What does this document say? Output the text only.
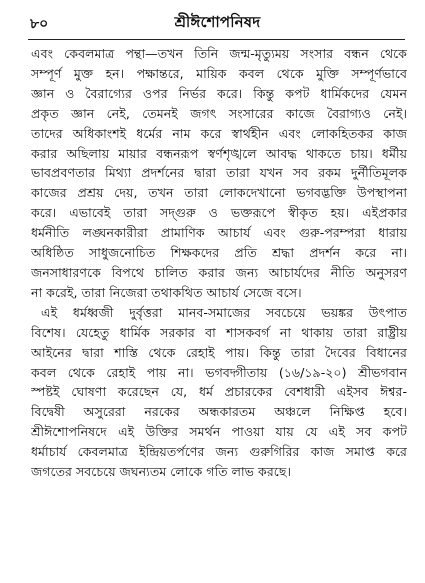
৮০	শ্রীঈশোপনিষদ
এবং কেবলমাত্র পন্থা—তখন তিনি জন্ম-মৃত্যুময় সংসার বন্ধন থেকে
সম্পূর্ণ মুক্ত হন। পক্ষান্তরে, মায়িক কবল থেকে মুক্তি সম্পূর্ণভাবে
জ্ঞান ও বৈরাগ্যের ওপর নির্ভর করে। কিন্তু কপট ধার্মিকদের যেমন
প্রকৃত জ্ঞান নেই, তেমনই জগৎ সংসারের কাজে বৈরাগ্যও নেই।
তাদের অধিকাংশই ধর্মের নাম করে স্বার্থহীন এবং লোকহিতকর কাজ
করার অছিলায় মায়ার বন্ধনরূপ স্বর্ণশৃঙ্খলে আবদ্ধ থাকতে চায়। ধর্মীয়
ভাবপ্রবণতার মিথ্যা প্রদর্শনের দ্বারা তারা যখন সব রকম দুর্নীতিমূলক
কাজের প্রশ্রয় দেয়, তখন তারা লোকদেখানো ভগবদ্ভক্তি উপস্থাপনা
করে। এভাবেই তারা সদ্গুরু ও ভক্তরূপে স্বীকৃত হয়। এইপ্রকার
ধর্মনীতি লঙ্ঘনকারীরা প্রামাণিক আচার্য এবং গুরু-পরম্পরা ধারায়
অধিষ্ঠিত সাধুজনোচিত শিক্ষকদের প্রতি শ্রদ্ধা প্রদর্শন করে না।
জনসাধারণকে বিপথে চালিত করার জন্য আচার্যদের নীতি অনুসরণ
না করেই, তারা নিজেরা তথাকথিত আচার্য সেজে বসে।
এই ধর্মধ্বজী দুর্বৃত্তরা মানব-সমাজের সবচেয়ে ভয়ঙ্কর উৎপাত
বিশেষ। যেহেতু ধার্মিক সরকার বা শাসকবর্গ না থাকায় তারা রাষ্ট্রীয়
আইনের দ্বারা শাস্তি থেকে রেহাই পায়। কিন্তু তারা দৈবের বিধানের
কবল থেকে রেহাই পায় না। ভগবদ্গীতায় (১৬/১৯-২০) শ্রীভগবান
স্পষ্টই ঘোষণা করেছেন যে, ধর্ম প্রচারকের বেশধারী এইসব ঈশ্বর-
বিদ্বেষী অসুরেরা নরকের অন্ধকারতম অঞ্চলে নিক্ষিপ্ত হবে।
শ্রীঈশোপনিষদে এই উক্তির সমর্থন পাওয়া যায় যে এই সব কপট
ধর্মাচার্য কেবলমাত্র ইন্দ্রিয়তর্পণের জন্য গুরুগিরির কাজ সমাপ্ত করে
জগতের সবচেয়ে জঘন্যতম লোকে গতি লাভ করছে।
